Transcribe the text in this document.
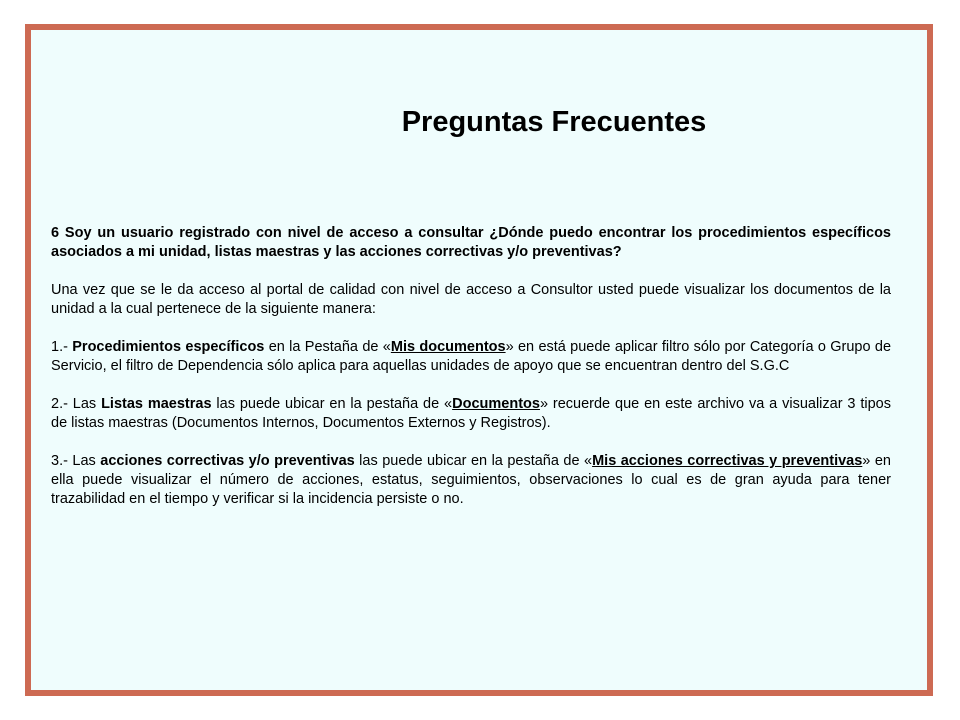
Preguntas Frecuentes

6 Soy un usuario registrado con nivel de acceso a consultar ¿Dónde puedo encontrar los procedimientos específicos asociados a mi unidad, listas maestras y las acciones correctivas y/o preventivas?

Una vez que se le da acceso al portal de calidad con nivel de acceso a Consultor usted puede visualizar los documentos de la unidad a la cual pertenece de la siguiente manera:

1.- Procedimientos específicos en la Pestaña de «Mis documentos» en está puede aplicar filtro sólo por Categoría o Grupo de Servicio, el filtro de Dependencia sólo aplica para aquellas unidades de apoyo que se encuentran dentro del S.G.C

2.- Las Listas maestras las puede ubicar en la pestaña de «Documentos» recuerde que en este archivo va a visualizar 3 tipos de listas maestras (Documentos Internos, Documentos Externos y Registros).

3.- Las acciones correctivas y/o preventivas las puede ubicar en la pestaña de «Mis acciones correctivas y preventivas» en ella puede visualizar el número de acciones, estatus, seguimientos, observaciones lo cual es de gran ayuda para tener trazabilidad en el tiempo y verificar si la incidencia persiste o no.
